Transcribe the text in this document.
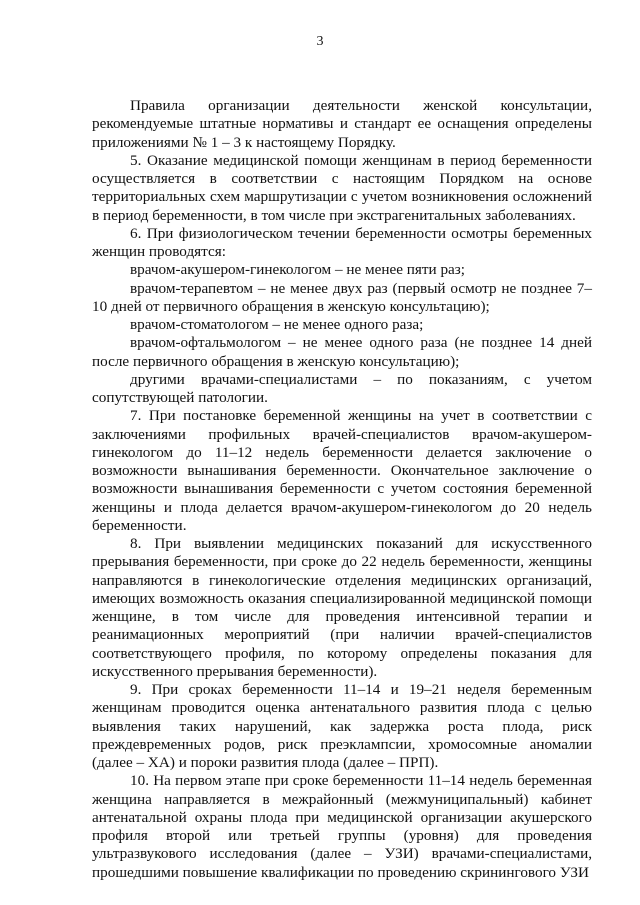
3

Правила организации деятельности женской консультации, рекомендуемые штатные нормативы и стандарт ее оснащения определены приложениями № 1 – 3 к настоящему Порядку.

5. Оказание медицинской помощи женщинам в период беременности осуществляется в соответствии с настоящим Порядком на основе территориальных схем маршрутизации с учетом возникновения осложнений в период беременности, в том числе при экстрагенитальных заболеваниях.

6. При физиологическом течении беременности осмотры беременных женщин проводятся:

врачом-акушером-гинекологом – не менее пяти раз;

врачом-терапевтом – не менее двух раз (первый осмотр не позднее 7–10 дней от первичного обращения в женскую консультацию);

врачом-стоматологом – не менее одного раза;

врачом-офтальмологом – не менее одного раза (не позднее 14 дней после первичного обращения в женскую консультацию);

другими врачами-специалистами – по показаниям, с учетом сопутствующей патологии.

7. При постановке беременной женщины на учет в соответствии с заключениями профильных врачей-специалистов врачом-акушером-гинекологом до 11–12 недель беременности делается заключение о возможности вынашивания беременности. Окончательное заключение о возможности вынашивания беременности с учетом состояния беременной женщины и плода делается врачом-акушером-гинекологом до 20 недель беременности.

8. При выявлении медицинских показаний для искусственного прерывания беременности, при сроке до 22 недель беременности, женщины направляются в гинекологические отделения медицинских организаций, имеющих возможность оказания специализированной медицинской помощи женщине, в том числе для проведения интенсивной терапии и реанимационных мероприятий (при наличии врачей-специалистов соответствующего профиля, по которому определены показания для искусственного прерывания беременности).

9. При сроках беременности 11–14 и 19–21 неделя беременным женщинам проводится оценка антенатального развития плода с целью выявления таких нарушений, как задержка роста плода, риск преждевременных родов, риск преэклампсии, хромосомные аномалии (далее – ХА) и пороки развития плода (далее – ПРП).

10. На первом этапе при сроке беременности 11–14 недель беременная женщина направляется в межрайонный (межмуниципальный) кабинет антенатальной охраны плода при медицинской организации акушерского профиля второй или третьей группы (уровня) для проведения ультразвукового исследования (далее – УЗИ) врачами-специалистами, прошедшими повышение квалификации по проведению скринингового УЗИ
